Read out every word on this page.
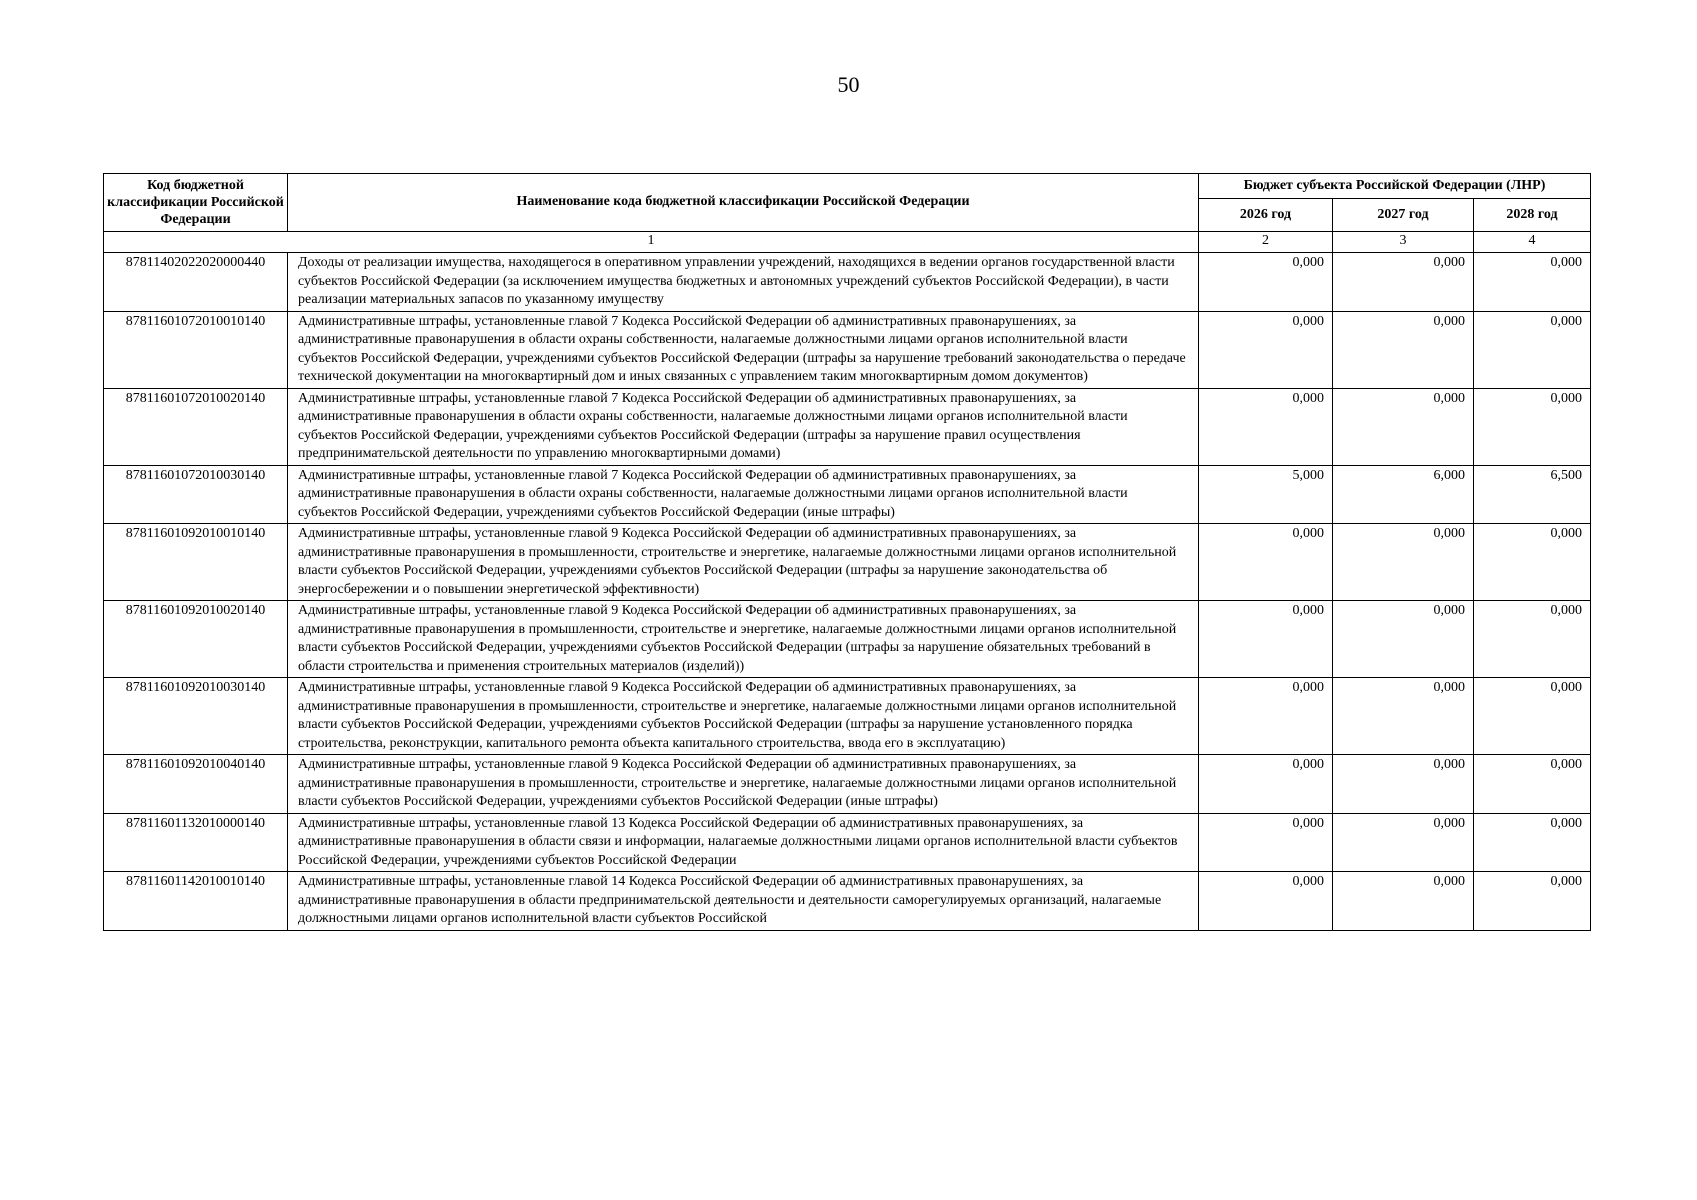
50
Код бюджетной классификации Российской Федерации	Наименование кода бюджетной классификации Российской Федерации	Бюджет субъекта Российской Федерации (ЛНР)		
		2026 год	2027 год	2028 год
1		2	3	4
87811402022020000440	Доходы от реализации имущества, находящегося в оперативном управлении учреждений, находящихся в ведении органов государственной власти субъектов Российской Федерации (за исключением имущества бюджетных и автономных учреждений субъектов Российской Федерации), в части реализации материальных запасов по указанному имуществу	0,000	0,000	0,000
87811601072010010140	Административные штрафы, установленные главой 7 Кодекса Российской Федерации об административных правонарушениях, за административные правонарушения в области охраны собственности, налагаемые должностными лицами органов исполнительной власти субъектов Российской Федерации, учреждениями субъектов Российской Федерации (штрафы за нарушение требований законодательства о передаче технической документации на многоквартирный дом и иных связанных с управлением таким многоквартирным домом документов)	0,000	0,000	0,000
87811601072010020140	Административные штрафы, установленные главой 7 Кодекса Российской Федерации об административных правонарушениях, за административные правонарушения в области охраны собственности, налагаемые должностными лицами органов исполнительной власти субъектов Российской Федерации, учреждениями субъектов Российской Федерации (штрафы за нарушение правил осуществления предпринимательской деятельности по управлению многоквартирными домами)	0,000	0,000	0,000
87811601072010030140	Административные штрафы, установленные главой 7 Кодекса Российской Федерации об административных правонарушениях, за административные правонарушения в области охраны собственности, налагаемые должностными лицами органов исполнительной власти субъектов Российской Федерации, учреждениями субъектов Российской Федерации (иные штрафы)	5,000	6,000	6,500
87811601092010010140	Административные штрафы, установленные главой 9 Кодекса Российской Федерации об административных правонарушениях, за административные правонарушения в промышленности, строительстве и энергетике, налагаемые должностными лицами органов исполнительной власти субъектов Российской Федерации, учреждениями субъектов Российской Федерации (штрафы за нарушение законодательства об энергосбережении и о повышении энергетической эффективности)	0,000	0,000	0,000
87811601092010020140	Административные штрафы, установленные главой 9 Кодекса Российской Федерации об административных правонарушениях, за административные правонарушения в промышленности, строительстве и энергетике, налагаемые должностными лицами органов исполнительной власти субъектов Российской Федерации, учреждениями субъектов Российской Федерации (штрафы за нарушение обязательных требований в области строительства и применения строительных материалов (изделий))	0,000	0,000	0,000
87811601092010030140	Административные штрафы, установленные главой 9 Кодекса Российской Федерации об административных правонарушениях, за административные правонарушения в промышленности, строительстве и энергетике, налагаемые должностными лицами органов исполнительной власти субъектов Российской Федерации, учреждениями субъектов Российской Федерации (штрафы за нарушение установленного порядка строительства, реконструкции, капитального ремонта объекта капитального строительства, ввода его в эксплуатацию)	0,000	0,000	0,000
87811601092010040140	Административные штрафы, установленные главой 9 Кодекса Российской Федерации об административных правонарушениях, за административные правонарушения в промышленности, строительстве и энергетике, налагаемые должностными лицами органов исполнительной власти субъектов Российской Федерации, учреждениями субъектов Российской Федерации (иные штрафы)	0,000	0,000	0,000
87811601132010000140	Административные штрафы, установленные главой 13 Кодекса Российской Федерации об административных правонарушениях, за административные правонарушения в области связи и информации, налагаемые должностными лицами органов исполнительной власти субъектов Российской Федерации, учреждениями субъектов Российской Федерации	0,000	0,000	0,000
87811601142010010140	Административные штрафы, установленные главой 14 Кодекса Российской Федерации об административных правонарушениях, за административные правонарушения в области предпринимательской деятельности и деятельности саморегулируемых организаций, налагаемые должностными лицами органов исполнительной власти субъектов Российской	0,000	0,000	0,000
